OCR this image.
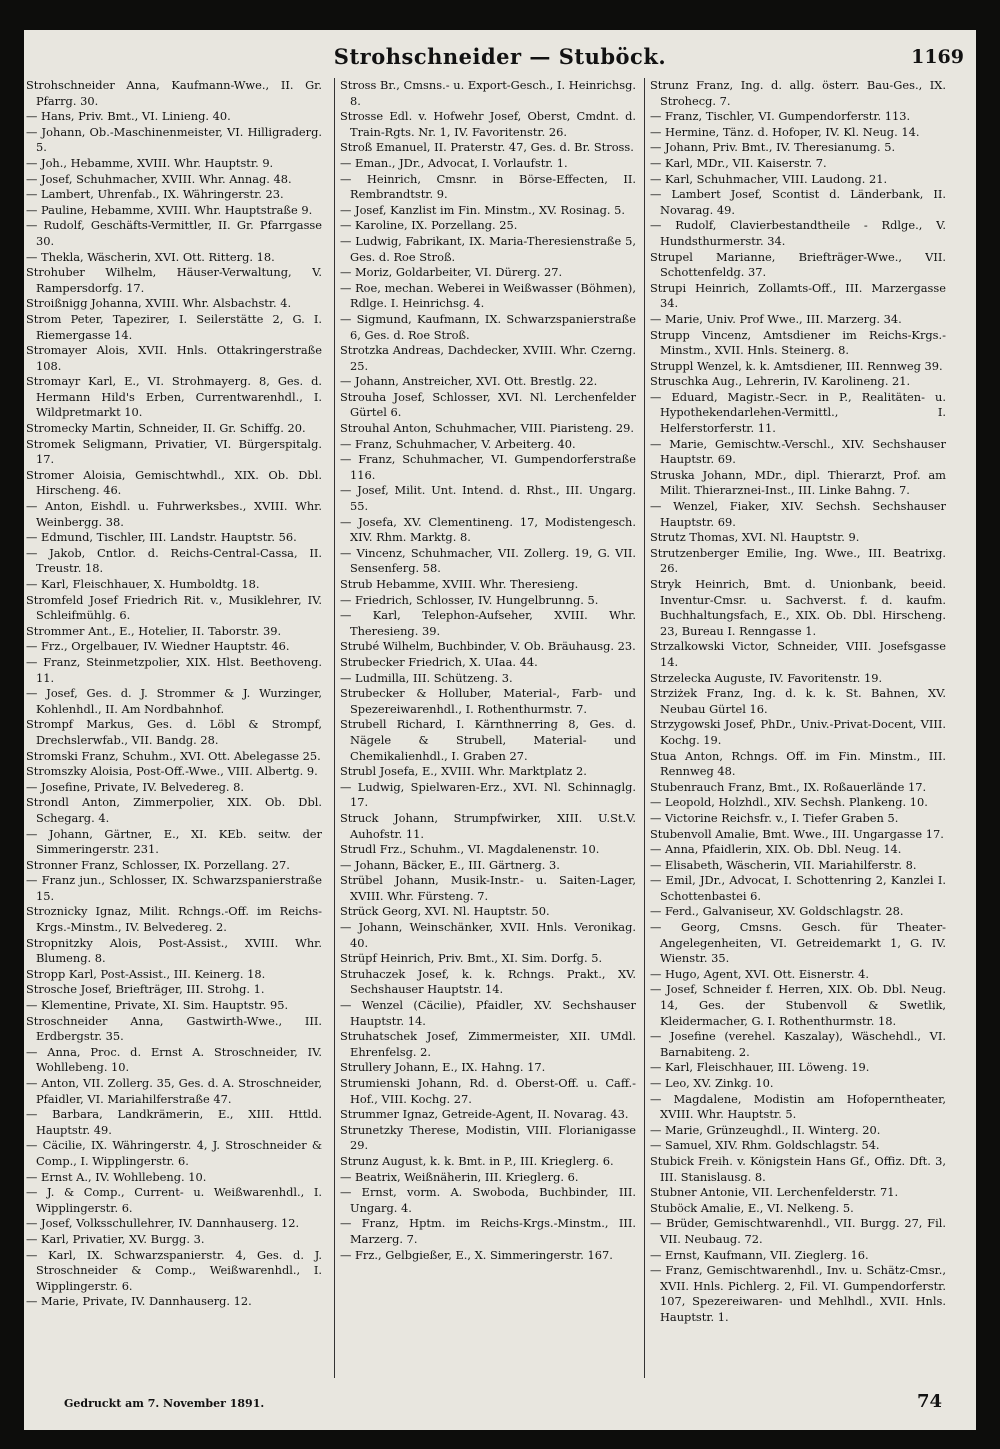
Strohschneider — Stuböck.	1169

Strohschneider Anna, Kaufmann-Wwe., II. Gr. Pfarrg. 30.

— Hans, Priv. Bmt., VI. Linieng. 40.

— Johann, Ob.-Maschinenmeister, VI. Hilligraderg. 5.

— Joh., Hebamme, XVIII. Whr. Hauptstr. 9.

— Josef, Schuhmacher, XVIII. Whr. Annag. 48.

— Lambert, Uhrenfab., IX. Währingerstr. 23.

— Pauline, Hebamme, XVIII. Whr. Hauptstraße 9.

— Rudolf, Geschäfts-Vermittler, II. Gr. Pfarrgasse 30.

— Thekla, Wäscherin, XVI. Ott. Ritterg. 18.

Strohuber Wilhelm, Häuser-Verwaltung, V. Rampersdorfg. 17.

Stroißnigg Johanna, XVIII. Whr. Alsbachstr. 4.

Strom Peter, Tapezirer, I. Seilerstätte 2, G. I. Riemergasse 14.

Stromayer Alois, XVII. Hnls. Ottakringerstraße 108.

Stromayr Karl, E., VI. Strohmayerg. 8, Ges. d. Hermann Hild's Erben, Currentwarenhdl., I. Wildpretmarkt 10.

Stromecky Martin, Schneider, II. Gr. Schiffg. 20.

Stromek Seligmann, Privatier, VI. Bürgerspitalg. 17.

Stromer Aloisia, Gemischtwhdl., XIX. Ob. Dbl. Hirscheng. 46.

— Anton, Eishdl. u. Fuhrwerksbes., XVIII. Whr. Weinbergg. 38.

— Edmund, Tischler, III. Landstr. Hauptstr. 56.

— Jakob, Cntlor. d. Reichs-Central-Cassa, II. Treustr. 18.

— Karl, Fleischhauer, X. Humboldtg. 18.

Stromfeld Josef Friedrich Rit. v., Musiklehrer, IV. Schleifmühlg. 6.

Strommer Ant., E., Hotelier, II. Taborstr. 39.

— Frz., Orgelbauer, IV. Wiedner Hauptstr. 46.

— Franz, Steinmetzpolier, XIX. Hlst. Beethoveng. 11.

— Josef, Ges. d. J. Strommer & J. Wurzinger, Kohlenhdl., II. Am Nordbahnhof.

Strompf Markus, Ges. d. Löbl & Strompf, Drechslerwfab., VII. Bandg. 28.

Stromski Franz, Schuhm., XVI. Ott. Abelegasse 25.

Stromszky Aloisia, Post-Off.-Wwe., VIII. Albertg. 9.

— Josefine, Private, IV. Belvedereg. 8.

Strondl Anton, Zimmerpolier, XIX. Ob. Dbl. Schegarg. 4.

— Johann, Gärtner, E., XI. KEb. seitw. der Simmeringerstr. 231.

Stronner Franz, Schlosser, IX. Porzellang. 27.

— Franz jun., Schlosser, IX. Schwarzspanierstraße 15.

Stroznicky Ignaz, Milit. Rchngs.-Off. im Reichs-Krgs.-Minstm., IV. Belvedereg. 2.

Stropnitzky Alois, Post-Assist., XVIII. Whr. Blumeng. 8.

Stropp Karl, Post-Assist., III. Keinerg. 18.

Strosche Josef, Briefträger, III. Strohg. 1.

— Klementine, Private, XI. Sim. Hauptstr. 95.

Stroschneider Anna, Gastwirth-Wwe., III. Erdbergstr. 35.

— Anna, Proc. d. Ernst A. Stroschneider, IV. Wohllebeng. 10.

— Anton, VII. Zollerg. 35, Ges. d. A. Stroschneider, Pfaidler, VI. Mariahilferstraße 47.

— Barbara, Landkrämerin, E., XIII. Httld. Hauptstr. 49.

— Cäcilie, IX. Währingerstr. 4, J. Stroschneider & Comp., I. Wipplingerstr. 6.

— Ernst A., IV. Wohllebeng. 10.

— J. & Comp., Current- u. Weißwarenhdl., I. Wipplingerstr. 6.

— Josef, Volksschullehrer, IV. Dannhauserg. 12.

— Karl, Privatier, XV. Burgg. 3.

— Karl, IX. Schwarzspanierstr. 4, Ges. d. J. Stroschneider & Comp., Weißwarenhdl., I. Wipplingerstr. 6.

— Marie, Private, IV. Dannhauserg. 12.

Stross Br., Cmsns.- u. Export-Gesch., I. Heinrichsg. 8.

Strosse Edl. v. Hofwehr Josef, Oberst, Cmdnt. d. Train-Rgts. Nr. 1, IV. Favoritenstr. 26.

Stroß Emanuel, II. Praterstr. 47, Ges. d. Br. Stross.

— Eman., JDr., Advocat, I. Vorlaufstr. 1.

— Heinrich, Cmsnr. in Börse-Effecten, II. Rembrandtstr. 9.

— Josef, Kanzlist im Fin. Minstm., XV. Rosinag. 5.

— Karoline, IX. Porzellang. 25.

— Ludwig, Fabrikant, IX. Maria-Theresienstraße 5, Ges. d. Roe Stroß.

— Moriz, Goldarbeiter, VI. Dürerg. 27.

— Roe, mechan. Weberei in Weißwasser (Böhmen), Rdlge. I. Heinrichsg. 4.

— Sigmund, Kaufmann, IX. Schwarzspanierstraße 6, Ges. d. Roe Stroß.

Strotzka Andreas, Dachdecker, XVIII. Whr. Czerng. 25.

— Johann, Anstreicher, XVI. Ott. Brestlg. 22.

Strouha Josef, Schlosser, XVI. Nl. Lerchenfelder Gürtel 6.

Strouhal Anton, Schuhmacher, VIII. Piaristeng. 29.

— Franz, Schuhmacher, V. Arbeiterg. 40.

— Franz, Schuhmacher, VI. Gumpendorferstraße 116.

— Josef, Milit. Unt. Intend. d. Rhst., III. Ungarg. 55.

— Josefa, XV. Clementineng. 17, Modistengesch. XIV. Rhm. Marktg. 8.

— Vincenz, Schuhmacher, VII. Zollerg. 19, G. VII. Sensenferg. 58.

Strub Hebamme, XVIII. Whr. Theresieng.

— Friedrich, Schlosser, IV. Hungelbrunng. 5.

— Karl, Telephon-Aufseher, XVIII. Whr. Theresieng. 39.

Strubé Wilhelm, Buchbinder, V. Ob. Bräuhausg. 23.

Strubecker Friedrich, X. UIaa. 44.

— Ludmilla, III. Schützeng. 3.

Strubecker & Holluber, Material-, Farb- und Spezereiwarenhdl., I. Rothenthurmstr. 7.

Strubell Richard, I. Kärnthnerring 8, Ges. d. Nägele & Strubell, Material- und Chemikalienhdl., I. Graben 27.

Strubl Josefa, E., XVIII. Whr. Marktplatz 2.

— Ludwig, Spielwaren-Erz., XVI. Nl. Schinnaglg. 17.

Struck Johann, Strumpfwirker, XIII. U.St.V. Auhofstr. 11.

Strudl Frz., Schuhm., VI. Magdalenenstr. 10.

— Johann, Bäcker, E., III. Gärtnerg. 3.

Strübel Johann, Musik-Instr.- u. Saiten-Lager, XVIII. Whr. Fürsteng. 7.

Strück Georg, XVI. Nl. Hauptstr. 50.

— Johann, Weinschänker, XVII. Hnls. Veronikag. 40.

Strüpf Heinrich, Priv. Bmt., XI. Sim. Dorfg. 5.

Struhaczek Josef, k. k. Rchngs. Prakt., XV. Sechshauser Hauptstr. 14.

— Wenzel (Cäcilie), Pfaidler, XV. Sechshauser Hauptstr. 14.

Struhatschek Josef, Zimmermeister, XII. UMdl. Ehrenfelsg. 2.

Strullery Johann, E., IX. Hahng. 17.

Strumienski Johann, Rd. d. Oberst-Off. u. Caff.-Hof., VIII. Kochg. 27.

Strummer Ignaz, Getreide-Agent, II. Novarag. 43.

Strunetzky Therese, Modistin, VIII. Florianigasse 29.

Strunz August, k. k. Bmt. in P., III. Krieglerg. 6.

— Beatrix, Weißnäherin, III. Krieglerg. 6.

— Ernst, vorm. A. Swoboda, Buchbinder, III. Ungarg. 4.

— Franz, Hptm. im Reichs-Krgs.-Minstm., III. Marzerg. 7.

— Frz., Gelbgießer, E., X. Simmeringerstr. 167.

Strunz Franz, Ing. d. allg. österr. Bau-Ges., IX. Strohecg. 7.

— Franz, Tischler, VI. Gumpendorferstr. 113.

— Hermine, Tänz. d. Hofoper, IV. Kl. Neug. 14.

— Johann, Priv. Bmt., IV. Theresianumg. 5.

— Karl, MDr., VII. Kaiserstr. 7.

— Karl, Schuhmacher, VIII. Laudong. 21.

— Lambert Josef, Scontist d. Länderbank, II. Novarag. 49.

— Rudolf, Clavierbestandtheile - Rdlge., V. Hundsthurmerstr. 34.

Strupel Marianne, Briefträger-Wwe., VII. Schottenfeldg. 37.

Strupi Heinrich, Zollamts-Off., III. Marzergasse 34.

— Marie, Univ. Prof Wwe., III. Marzerg. 34.

Strupp Vincenz, Amtsdiener im Reichs-Krgs.-Minstm., XVII. Hnls. Steinerg. 8.

Struppl Wenzel, k. k. Amtsdiener, III. Rennweg 39.

Struschka Aug., Lehrerin, IV. Karolineng. 21.

— Eduard, Magistr.-Secr. in P., Realitäten- u. Hypothekendarlehen-Vermittl., I. Helferstorferstr. 11.

— Marie, Gemischtw.-Verschl., XIV. Sechshauser Hauptstr. 69.

Struska Johann, MDr., dipl. Thierarzt, Prof. am Milit. Thierarznei-Inst., III. Linke Bahng. 7.

— Wenzel, Fiaker, XIV. Sechsh. Sechshauser Hauptstr. 69.

Strutz Thomas, XVI. Nl. Hauptstr. 9.

Strutzenberger Emilie, Ing. Wwe., III. Beatrixg. 26.

Stryk Heinrich, Bmt. d. Unionbank, beeid. Inventur-Cmsr. u. Sachverst. f. d. kaufm. Buchhaltungsfach, E., XIX. Ob. Dbl. Hirscheng. 23, Bureau I. Renngasse 1.

Strzalkowski Victor, Schneider, VIII. Josefsgasse 14.

Strzelecka Auguste, IV. Favoritenstr. 19.

Strziżek Franz, Ing. d. k. k. St. Bahnen, XV. Neubau Gürtel 16.

Strzygowski Josef, PhDr., Univ.-Privat-Docent, VIII. Kochg. 19.

Stua Anton, Rchngs. Off. im Fin. Minstm., III. Rennweg 48.

Stubenrauch Franz, Bmt., IX. Roßauerlände 17.

— Leopold, Holzhdl., XIV. Sechsh. Plankeng. 10.

— Victorine Reichsfr. v., I. Tiefer Graben 5.

Stubenvoll Amalie, Bmt. Wwe., III. Ungargasse 17.

— Anna, Pfaidlerin, XIX. Ob. Dbl. Neug. 14.

— Elisabeth, Wäscherin, VII. Mariahilferstr. 8.

— Emil, JDr., Advocat, I. Schottenring 2, Kanzlei I. Schottenbastei 6.

— Ferd., Galvaniseur, XV. Goldschlagstr. 28.

— Georg, Cmsns. Gesch. für Theater-Angelegenheiten, VI. Getreidemarkt 1, G. IV. Wienstr. 35.

— Hugo, Agent, XVI. Ott. Eisnerstr. 4.

— Josef, Schneider f. Herren, XIX. Ob. Dbl. Neug. 14, Ges. der Stubenvoll & Swetlik, Kleidermacher, G. I. Rothenthurmstr. 18.

— Josefine (verehel. Kaszalay), Wäschehdl., VI. Barnabiteng. 2.

— Karl, Fleischhauer, III. Löweng. 19.

— Leo, XV. Zinkg. 10.

— Magdalene, Modistin am Hofoperntheater, XVIII. Whr. Hauptstr. 5.

— Marie, Grünzeughdl., II. Winterg. 20.

— Samuel, XIV. Rhm. Goldschlagstr. 54.

Stubick Freih. v. Königstein Hans Gf., Offiz. Dft. 3, III. Stanislausg. 8.

Stubner Antonie, VII. Lerchenfelderstr. 71.

Stuböck Amalie, E., VI. Nelkeng. 5.

— Brüder, Gemischtwarenhdl., VII. Burgg. 27, Fil. VII. Neubaug. 72.

— Ernst, Kaufmann, VII. Zieglerg. 16.

— Franz, Gemischtwarenhdl., Inv. u. Schätz-Cmsr., XVII. Hnls. Pichlerg. 2, Fil. VI. Gumpendorferstr. 107, Spezereiwaren- und Mehlhdl., XVII. Hnls. Hauptstr. 1.

Gedruckt am 7. November 1891.	74
